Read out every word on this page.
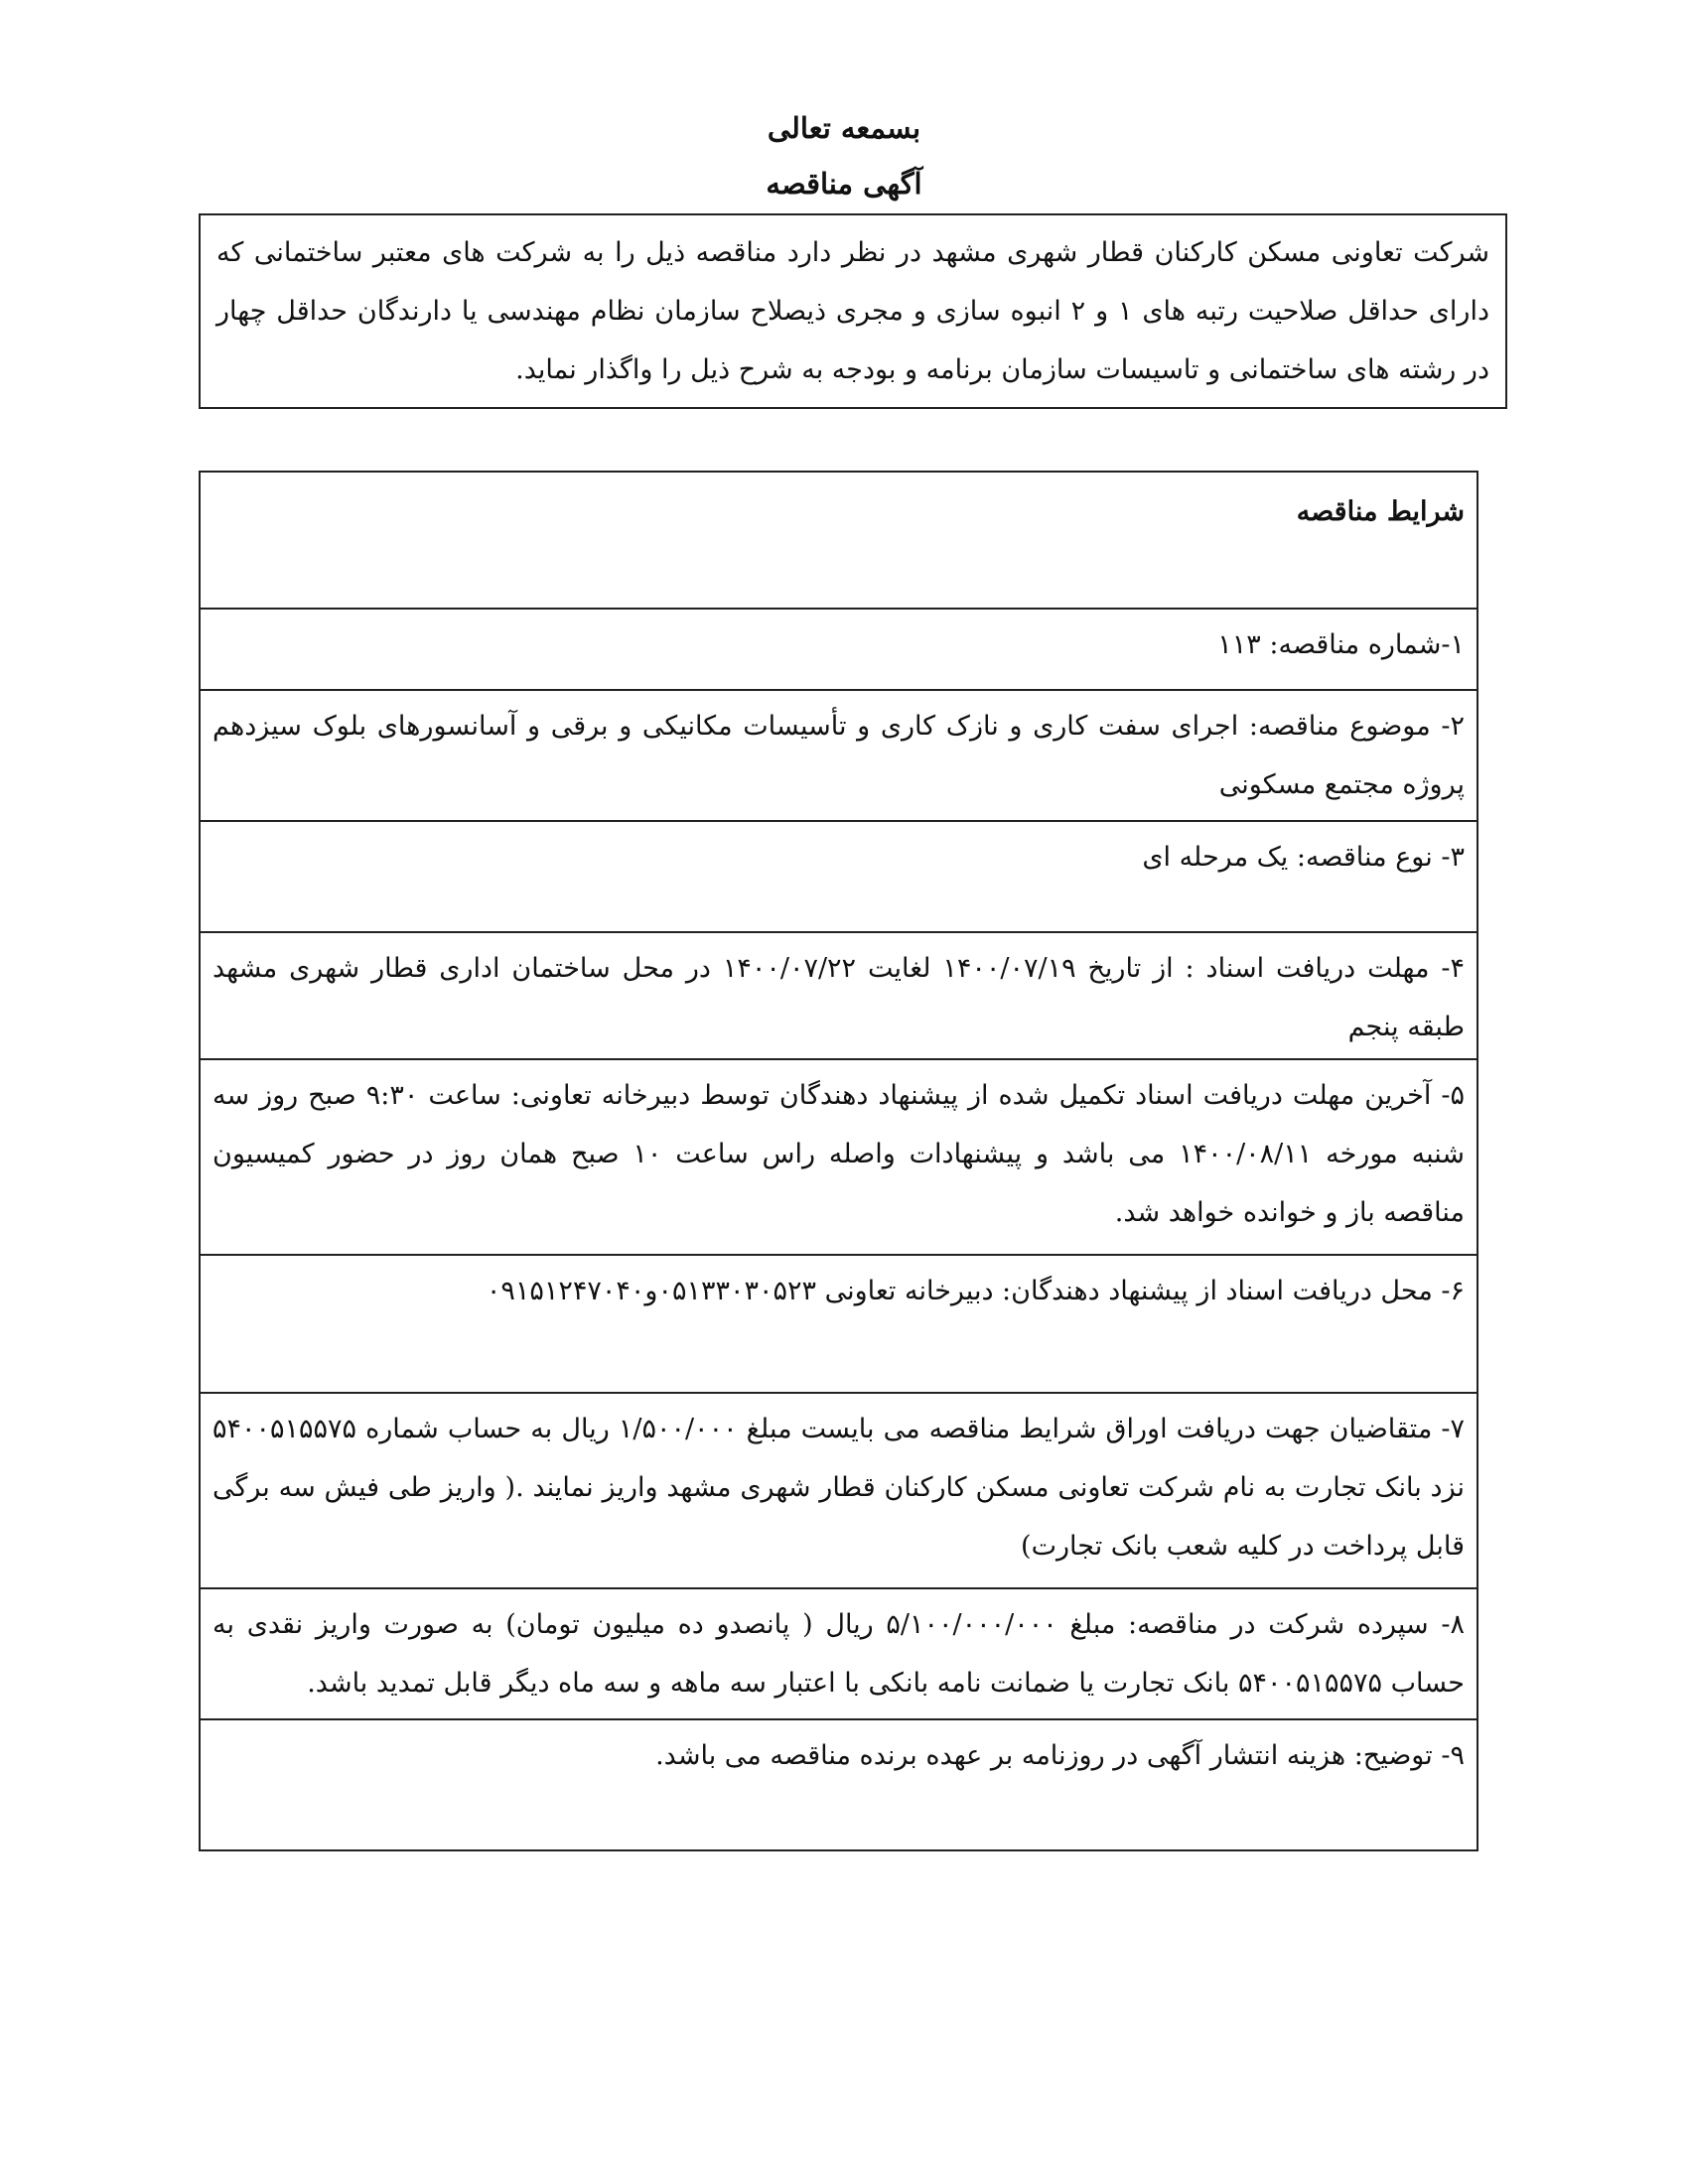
بسمعه تعالی
آگهی مناقصه
شرکت تعاونی مسکن کارکنان قطار شهری مشهد در نظر دارد مناقصه ذیل را به شرکت های معتبر ساختمانی که دارای حداقل صلاحیت رتبه های ۱ و ۲ انبوه سازی و مجری ذیصلاح سازمان نظام مهندسی یا دارندگان حداقل چهار در رشته های ساختمانی و تاسیسات سازمان برنامه و بودجه به شرح ذیل را واگذار نماید.
شرایط مناقصه
۱-شماره مناقصه: ۱۱۳
۲- موضوع مناقصه: اجرای سفت کاری و نازک کاری و تأسیسات مکانیکی و برقی و آسانسورهای بلوک سیزدهم پروژه مجتمع مسکونی
۳- نوع مناقصه: یک مرحله ای
۴- مهلت دریافت اسناد : از تاریخ ۱۴۰۰/۰۷/۱۹ لغایت ۱۴۰۰/۰۷/۲۲ در محل ساختمان اداری قطار شهری مشهد طبقه پنجم
۵- آخرین مهلت دریافت اسناد تکمیل شده از پیشنهاد دهندگان توسط دبیرخانه تعاونی: ساعت ۹:۳۰ صبح روز سه شنبه مورخه ۱۴۰۰/۰۸/۱۱ می باشد و پیشنهادات واصله راس ساعت ۱۰ صبح همان روز در حضور کمیسیون مناقصه باز و خوانده خواهد شد.
۶- محل دریافت اسناد از پیشنهاد دهندگان: دبیرخانه تعاونی ۰۵۱۳۳۰۳۰۵۲۳و۰۹۱۵۱۲۴۷۰۴۰
۷- متقاضیان جهت دریافت اوراق شرایط مناقصه می بایست مبلغ ۱/۵۰۰/۰۰۰ ریال به حساب شماره ۵۴۰۰۵۱۵۵۷۵ نزد بانک تجارت به نام شرکت تعاونی مسکن کارکنان قطار شهری مشهد واریز نمایند .( واریز طی فیش سه برگی قابل پرداخت در کلیه شعب بانک تجارت)
۸- سپرده شرکت در مناقصه: مبلغ ۵/۱۰۰/۰۰۰/۰۰۰ ریال ( پانصدو ده میلیون تومان) به صورت واریز نقدی به حساب ۵۴۰۰۵۱۵۵۷۵ بانک تجارت یا ضمانت نامه بانکی با اعتبار سه ماهه و سه ماه دیگر قابل تمدید باشد.
۹- توضیح: هزینه انتشار آگهی در روزنامه بر عهده برنده مناقصه می باشد.
